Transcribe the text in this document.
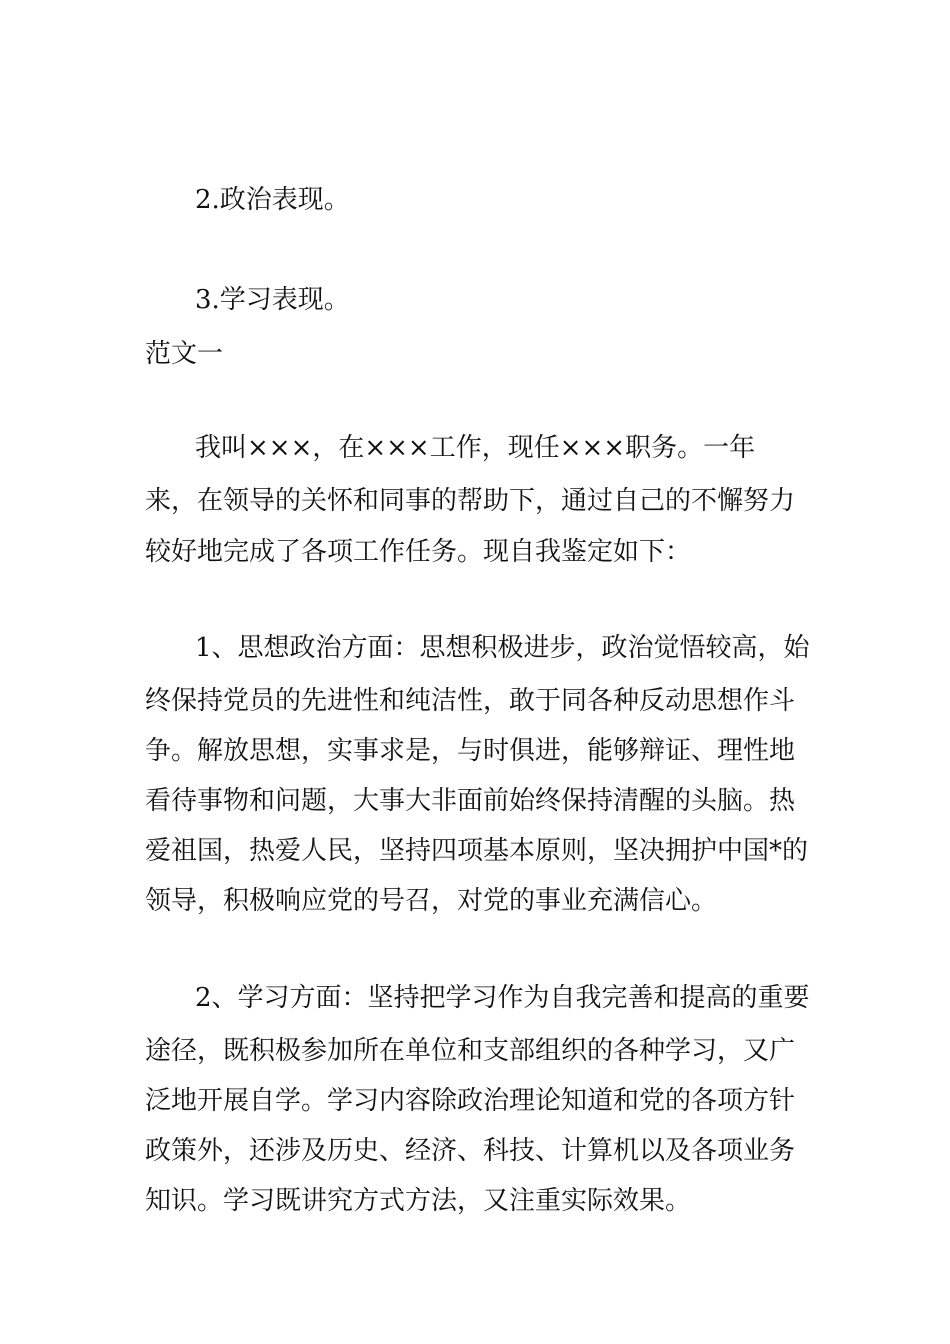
2.政治表现。
3.学习表现。
范文一
我叫×××，在×××工作，现任×××职务。一年
来，在领导的关怀和同事的帮助下，通过自己的不懈努力
较好地完成了各项工作任务。现自我鉴定如下：
1、思想政治方面：思想积极进步，政治觉悟较高，始
终保持党员的先进性和纯洁性，敢于同各种反动思想作斗
争。解放思想，实事求是，与时俱进，能够辩证、理性地
看待事物和问题，大事大非面前始终保持清醒的头脑。热
爱祖国，热爱人民，坚持四项基本原则，坚决拥护中国*的
领导，积极响应党的号召，对党的事业充满信心。
2、学习方面：坚持把学习作为自我完善和提高的重要
途径，既积极参加所在单位和支部组织的各种学习，又广
泛地开展自学。学习内容除政治理论知道和党的各项方针
政策外，还涉及历史、经济、科技、计算机以及各项业务
知识。学习既讲究方式方法，又注重实际效果。
